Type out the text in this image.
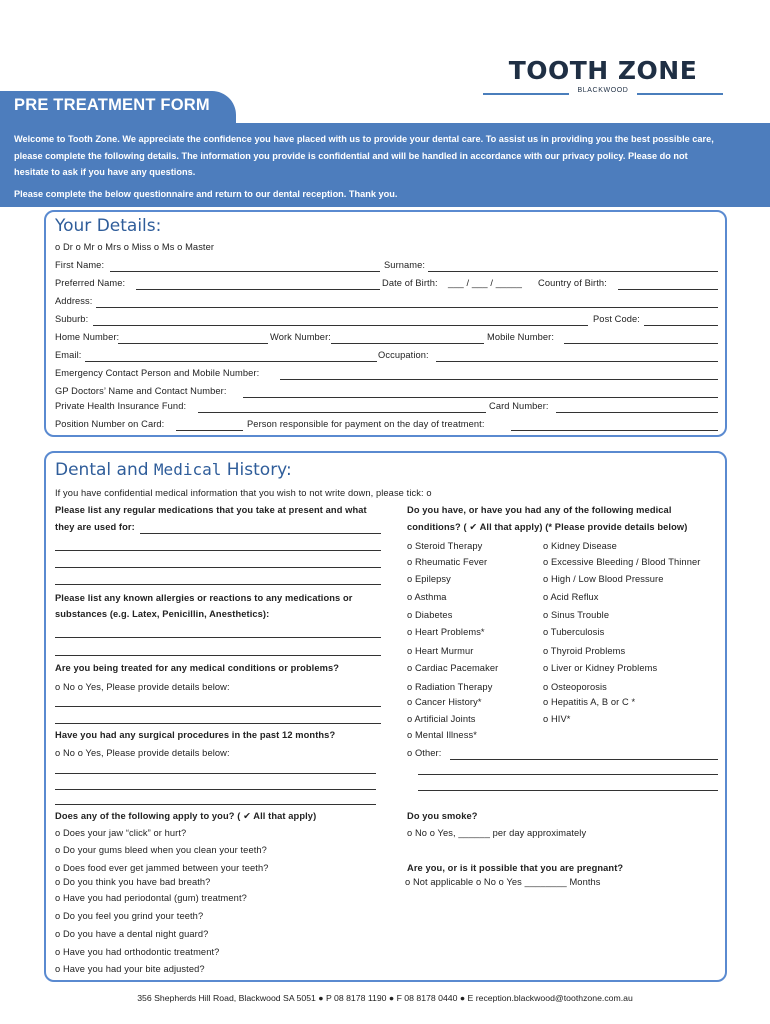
TOOTH ZONE
BLACKWOOD
PRE TREATMENT FORM
Welcome to Tooth Zone. We appreciate the confidence you have placed with us to provide your dental care. To assist us in providing you the best possible care, please complete the following details. The information you provide is confidential and will be handled in accordance with our privacy policy. Please do not hesitate to ask if you have any questions.
Please complete the below questionnaire and return to our dental reception. Thank you.
Your Details:
o Dr o Mr o Mrs o Miss o Ms o Master
First Name:	Surname:
Preferred Name:	Date of Birth: ___ / ___ / _____ Country of Birth:
Address:
Suburb:	Post Code:
Home Number:	Work Number:	Mobile Number:
Email:	Occupation:
Emergency Contact Person and Mobile Number:
GP Doctors’ Name and Contact Number:
Private Health Insurance Fund:	Card Number:
Position Number on Card:	Person responsible for payment on the day of treatment:
Dental and Medical History:
If you have confidential medical information that you wish to not write down, please tick: o
Please list any regular medications that you take at present and what
they are used for:
Please list any known allergies or reactions to any medications or
substances (e.g. Latex, Penicillin, Anesthetics):
Are you being treated for any medical conditions or problems?
o No o Yes, Please provide details below:
Have you had any surgical procedures in the past 12 months?
o No o Yes, Please provide details below:
Does any of the following apply to you? ( ✔ All that apply)
o Does your jaw “click” or hurt?
o Do your gums bleed when you clean your teeth?
o Does food ever get jammed between your teeth?
o Do you think you have bad breath?
o Have you had periodontal (gum) treatment?
o Do you feel you grind your teeth?
o Do you have a dental night guard?
o Have you had orthodontic treatment?
o Have you had your bite adjusted?
Do you have, or have you had any of the following medical
conditions? ( ✔ All that apply) (* Please provide details below)
o Steroid Therapy
o Rheumatic Fever
o Epilepsy
o Asthma
o Diabetes
o Heart Problems*
o Heart Murmur
o Cardiac Pacemaker
o Radiation Therapy
o Cancer History*
o Artificial Joints
o Mental Illness*
o Other:
o Kidney Disease
o Excessive Bleeding / Blood Thinner
o High / Low Blood Pressure
o Acid Reflux
o Sinus Trouble
o Tuberculosis
o Thyroid Problems
o Liver or Kidney Problems
o Osteoporosis
o Hepatitis A, B or C *
o HIV*
Do you smoke?
o No o Yes, ______ per day approximately
Are you, or is it possible that you are pregnant?
o Not applicable o No o Yes ________ Months
356 Shepherds Hill Road, Blackwood SA 5051 ● P 08 8178 1190 ● F 08 8178 0440 ● E reception.blackwood@toothzone.com.au
